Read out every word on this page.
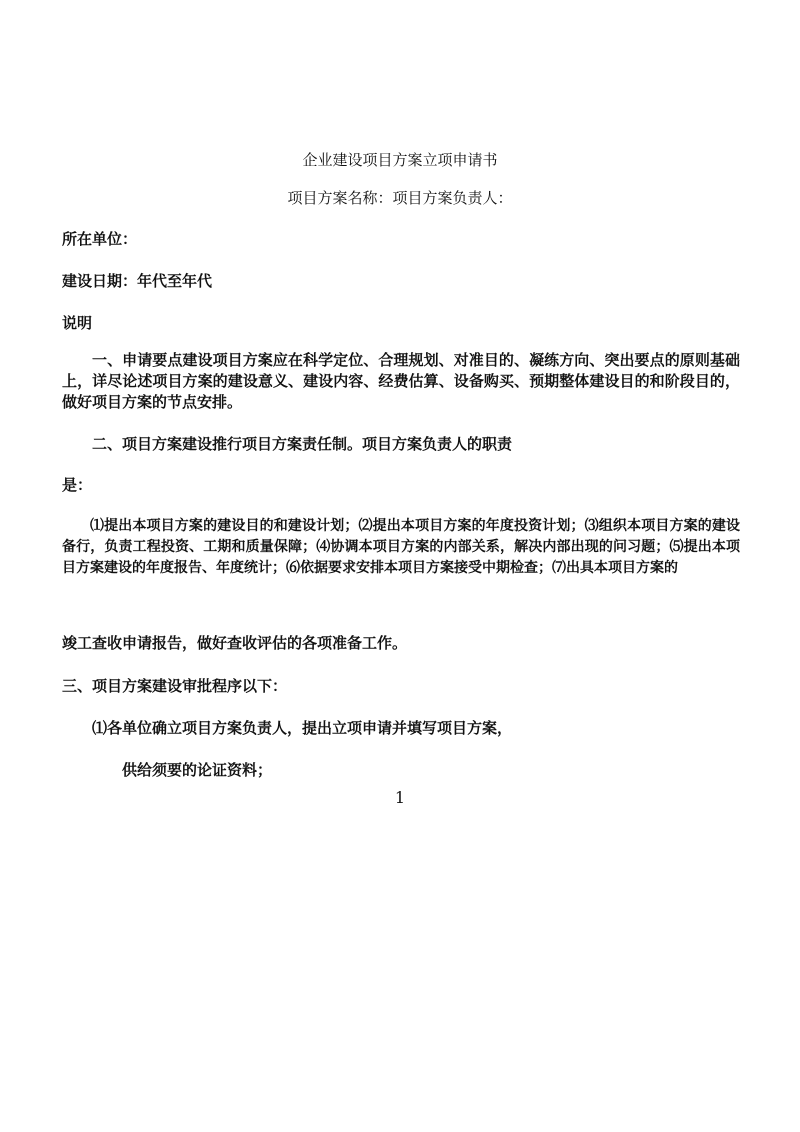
企业建设项目方案立项申请书

项目方案名称：项目方案负责人：

所在单位：

建设日期：年代至年代

说明

一、申请要点建设项目方案应在科学定位、合理规划、对准目的、凝练方向、突出要点的原则基础上，详尽论述项目方案的建设意义、建设内容、经费估算、设备购买、预期整体建设目的和阶段目的，做好项目方案的节点安排。

二、项目方案建设推行项目方案责任制。项目方案负责人的职责

是：

⑴提出本项目方案的建设目的和建设计划；⑵提出本项目方案的年度投资计划；⑶组织本项目方案的建设备行，负责工程投资、工期和质量保障；⑷协调本项目方案的内部关系，解决内部出现的问习题；⑸提出本项目方案建设的年度报告、年度统计；⑹依据要求安排本项目方案接受中期检查；⑺出具本项目方案的

竣工查收申请报告，做好查收评估的各项准备工作。

三、项目方案建设审批程序以下：

⑴各单位确立项目方案负责人，提出立项申请并填写项目方案，

供给须要的论证资料；

1
